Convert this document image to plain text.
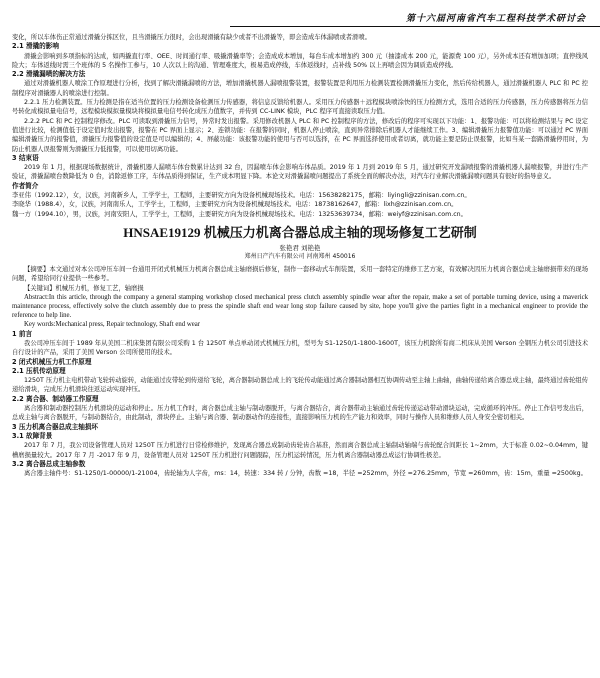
第十六届河南省汽车工程科技学术研讨会

变化，所以车体伤正常通过滑撬分拣区位，且当滑撬压力很时，会出现滑撬有缺少或者不出滑撬等，即会造成车体漏喷或者滑喷。

2.1 滑撬的影响

滑撬会影响到多项指标的达成，如两撬直行率、OEE、时间通行率、吸撬滑撬率等；会造成成本增加，每台车成本增加约 300 元（抽漆成本 200 元，能源费 100 元），另外成本还有增加加项；直停线风险大；车体返线时需三个班体的 5 名操作工参与，10 人次以上的沟通、管理难度大，极易造成停线，车体返线时，点补线 50% 以上再喷会因为调质造成停线。

2.2 滑撬漏喷的解决方法

通过对滑撬机器人喷涂工作原理进行分析，找到了解决滑撬漏喷的方法，增加滑撬机器人漏喷报警装置，报警装置是利用压力检测装置检测滑撬压力变化，然后传给机器人，通过滑撬机器人 PLC 和 PC 控制程序对滑撬器人的喷涂进行控制。

2.2.1 压力检测装置。压力检测是指在适当位置的压力检测设备检测压力传感器，将信息反馈给机器人。采用压力传感器＋远程模块喷涂快的压力检测方式，选用合适的压力传感器，压力传感器将压力信号转化成模拟量电信号，远程模块模拟量模块将模拟量电信号转化成压力值数字，并传到 CC-LINK 模块，PLC 程序可直接读取压力值。

2.2.2 PLC 和 PC 控制程序修改。PLC 可读取到滑撬压力信号，异常时发出报警。采用修改机器人 PLC 和 PC 控制程序的方法，修改后的程序可实现以下功能：1、报警功能：可以将检测结果与 PC 设定值进行比较，检测值低于设定值时发出报警，报警在 PC 界面上显示；2、连锁功能：在报警的同时，机器人停止喷涂，直到异常排除后机器人才能继续工作。3、编辑滑撬压力报警值功能：可以通过 PC 界面编辑滑撬压力的报警值，滑撬压力报警值的设定值是可以编辑的；4、屏蔽功能：该报警功能的使用与否可以选择，在 PC 界面选择使用或者切离，就功能主要是防止误报警，比如当某一套路滑撬停用时，为防止机器人误报警则为滑撬压力低报警，可以使用切离功能。

3 结束语

2019 年 1 月，根据现场数据统计，滑撬机器人漏喷车体台数累计达到 32 台，因漏喷车体会影响车体品质。2019 年 1 月到 2019 年 5 月，通过研究开发漏喷报警的滑撬机器人漏喷报警，并进行生产验证，滑撬漏喷台数降低为 0 台，消除返修工序，车体品质得到保证，生产成本明显下降。本论文对滑撬漏喷问题提出了系统全面的解决办法，对汽车行业解决滑撬漏喷问题具有很好的指导意义。

作者简介

李亚伟（1992.12），女，汉族，河南新乡人，工学学士，工程师，主要研究方向为设备机械现场技术。电话：15638282175，邮箱：liyingli@zzinisan.com.cn。

李晓华（1988.4），女，汉族，河南南乐人，工学学士，工程师，主要研究方向为设备机械现场技术。电话：18738162647，邮箱：lixh@zzinisan.com.cn。

魏一方（1994.10），男，汉族，河南安阳人，工学学士，工程师，主要研究方向为设备机械现场技术。电话：13253639734，邮箱：weiyf@zzinisan.com.cn。

HNSAE19129 机械压力机离合器总成主轴的现场修复工艺研制

张艳君 刘艳艳

郑州日产汽车有限公司 河南郑州 450016

【摘要】本文通过对本公司冲压车间一台通用开闭式机械压力机离合器总成主轴磨损后修复，制作一套移动式车削装置，采用一套特定的维修工艺方案，有效解决因压力机离合器总成主轴磨损带来的现场问题，希望给同行业提供一些参考。

【关键词】机械压力机，修复工艺，轴磨损

Abstract:In this article, through the company a general stamping workshop closed mechanical press clutch assembly spindle wear after the repair, make a set of portable turning device, using a maverick maintenance process, effectively solve the clutch assembly due to press the spindle shaft end wear long stop failure caused by site, hope you'll give the parties fight in a mechanical engineer to provide the reference to help line.

Key words:Mechanical press, Repair technology, Shaft end wear

1 前言

我公司冲压车间于 1989 年从美国二机床集团有限公司采购 1 台 1250T 单点单动闭式机械压力机，型号为 S1-1250/1-1800-1600T，该压力机除所有商二机床从美国 Verson 全钢压力机公司引进技术自行设计的产品，采用了美国 Verson 公司所使用的技术。

2 闭式机械压力机工作原理

2.1 压机传动原理

1250T 压力机主电机带动飞轮转动旋转，动能通过皮带轮到传递给飞轮，离合器制动器总成上的飞轮传动能通过离合器制动器相互协调传动至主轴上曲轴，曲轴传递给离合器总成主轴，最终通过齿轮组传递给滑块，完成压力机滑块往返运动实现冲压。

2.2 离合器、制动器工作原理

离合器和制动器控制压力机滑块的运动和停止。压力机工作时，离合器总成主轴与制动器脱开，与离合器结合，离合器带动主轴通过齿轮传递运动带动滑块运动，完成循环的冲压。停止工作信号发出后，总成主轴与离合器脱开，与制动器结合，由此制动，滑块停止。主轴与离合器、制动器动作的连接性，直接影响压力机的生产能力和效率，同时与操作人员和维修人员人身安全密切相关。

3 压力机离合器总成主轴损坏

3.1 故障背景

2017 年 7 月，我公司设备管理人员对 1250T 压力机进行日常检修维护，发现离合器总成制动齿轮齿合基准，然而离合器总成主轴制动轴端与齿轮配合间距长 1~2mm，大于标准 0.02~0.04mm，键槽磨损量较大。2017 年 7 月 -2017 年 9 月，设备管理人员对 1250T 压力机进行问题跟踪，压力机运转情况，压力机离合器制动器总成运行协调性极差。

3.2 离合器总成主轴参数

离合器主轴件号：S1-1250/1-00000/1-21004，齿轮轴为人字齿，ms：14，转速：334 转 / 分钟，齿数 =18，半径 =252mm，外径 =276.25mm，节宽 =260mm，齿：15m，重量 =2500kg。
